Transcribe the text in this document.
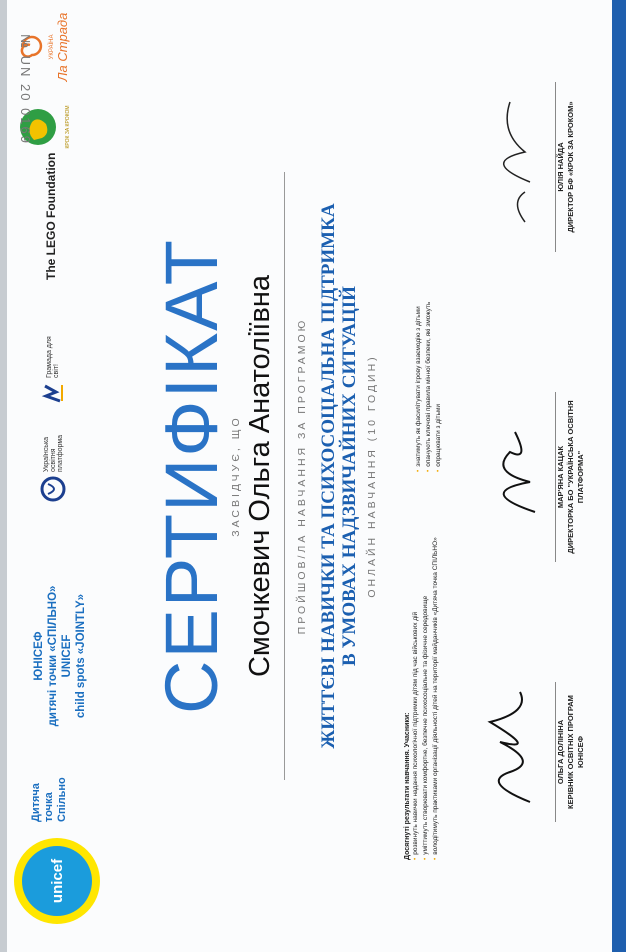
unicef
Дитяча точка Спільно
ЮНІСЕФ дитячі точки «СПІЛЬНО» UNICEF child spots «JOINTLY»
Українська освітня платформа
Грамада для світ!
The LEGO Foundation
КРОК ЗА КРОКОМ
УКРАЇНА Ла Страда
№ UN 20 0169
СЕРТИФІКАТ
ЗАСВІДЧУЄ, ЩО Смочкевич Ольга Анатоліївна ПРОЙШОВ/ЛА НАВЧАННЯ ЗА ПРОГРАМОЮ ЖИТТЄВІ НАВИЧКИ ТА ПСИХОСОЦІАЛЬНА ПІДТРИМКА В УМОВАХ НАДЗВИЧАЙНИХ СИТУАЦІЙ ОНЛАЙН НАВЧАННЯ (10 ГОДИН)
Досягнуті результати навчання. Учасники: • розвинуть навички надання психологічної підтримки дітям під час військових дій • уміттимуть створювати комфортне, безпечне психосоціальне та фізичне середовище • володітимуть практиками організації діяльності дітей на території майданчиків «Дитяча точка СПІЛЬНО»
• знатимуть як фасилітувати ігрову взаємодію з дітьми • опанують ключові правила мінної безпеки, які зможуть • опрацювати з дітьми
ОЛЬГА ДОЛІНІНА КЕРІВНИК ОСВІТНІХ ПРОГРАМ ЮНІСЕФ
МАР'ЯНА КАЦАК ДИРЕКТОРКА БО "УКРАЇНСЬКА ОСВІТНЯ ПЛАТФОРМА"
ЮЛІЯ НАЙДА ДИРЕКТОР БФ «КРОК ЗА КРОКОМ»
